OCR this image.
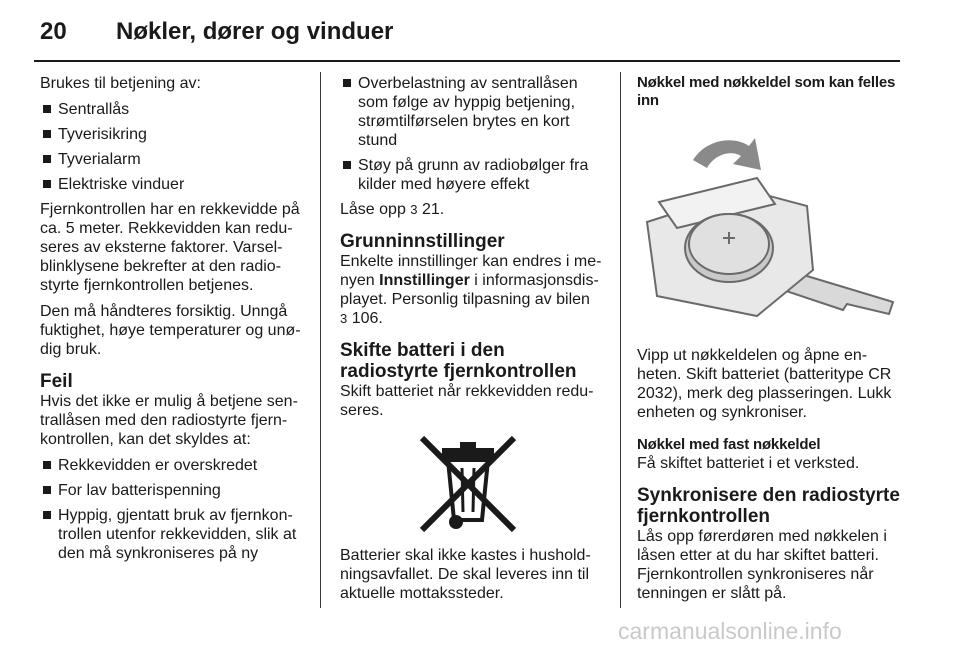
20 Nøkler, dører og vinduer

Brukes til betjening av:

Sentrallås
Tyverisikring
Tyverialarm
Elektriske vinduer

Fjernkontrollen har en rekkevidde på ca. 5 meter. Rekkevidden kan redu-seres av eksterne faktorer. Varsel-blinklysene bekrefter at den radio-styrte fjernkontrollen betjenes.

Den må håndteres forsiktig. Unngå fuktighet, høye temperaturer og unø-dig bruk.

Feil

Hvis det ikke er mulig å betjene sen-trallåsen med den radiostyrte fjern-kontrollen, kan det skyldes at:

Rekkevidden er overskredet
For lav batterispenning
Hyppig, gjentatt bruk av fjernkon-trollen utenfor rekkevidden, slik at den må synkroniseres på ny
Overbelastning av sentrallåsen som følge av hyppig betjening, strømtilførselen brytes en kort stund
Støy på grunn av radiobølger fra kilder med høyere effekt

Låse opp 3 21.

Grunninnstillinger

Enkelte innstillinger kan endres i me-nyen Innstillinger i informasjonsdis-playet. Personlig tilpasning av bilen
3 106.

Skifte batteri i den radiostyrte fjernkontrollen

Skift batteriet når rekkevidden redu-seres.

Batterier skal ikke kastes i hushold-ningsavfallet. De skal leveres inn til aktuelle mottakssteder.

Nøkkel med nøkkeldel som kan felles inn

Vipp ut nøkkeldelen og åpne en-heten. Skift batteriet (batteritype CR 2032), merk deg plasseringen. Lukk enheten og synkroniser.

Nøkkel med fast nøkkeldel

Få skiftet batteriet i et verksted.

Synkronisere den radiostyrte fjernkontrollen

Lås opp førerdøren med nøkkelen i låsen etter at du har skiftet batteri. Fjernkontrollen synkroniseres når tenningen er slått på.

carmanualsonline.info
